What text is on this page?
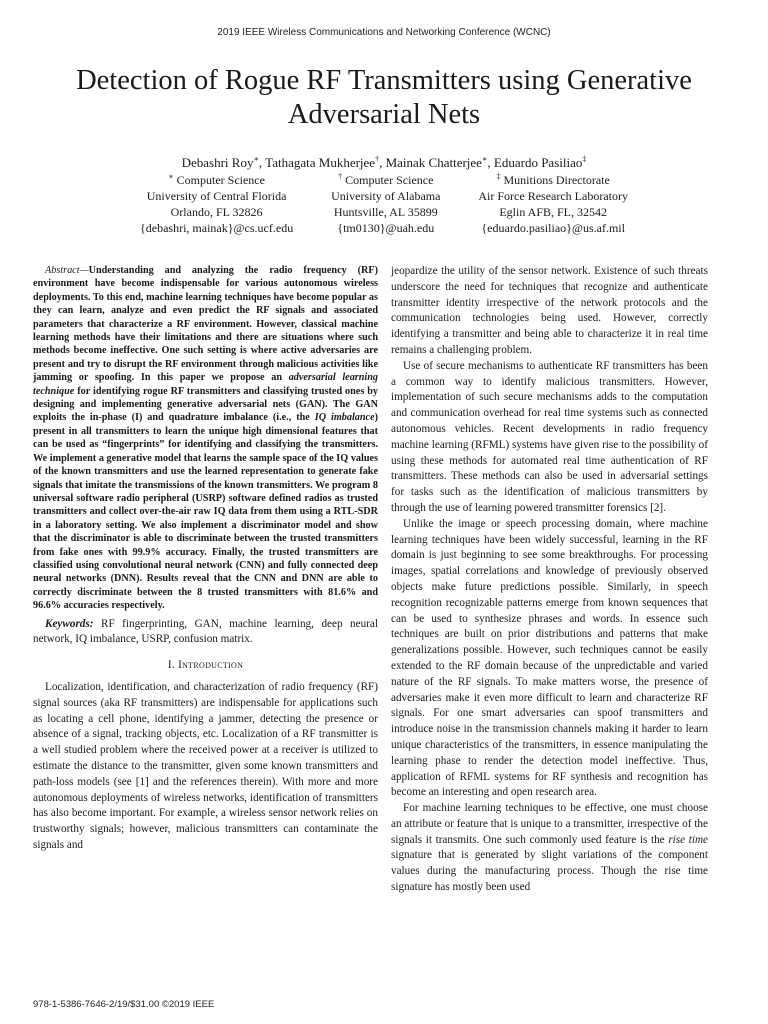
2019 IEEE Wireless Communications and Networking Conference (WCNC)
Detection of Rogue RF Transmitters using Generative Adversarial Nets
Debashri Roy∗, Tathagata Mukherjee†, Mainak Chatterjee∗, Eduardo Pasiliao‡
∗ Computer Science
University of Central Florida
Orlando, FL 32826
{debashri, mainak}@cs.ucf.edu
† Computer Science
University of Alabama
Huntsville, AL 35899
{tm0130}@uah.edu
‡ Munitions Directorate
Air Force Research Laboratory
Eglin AFB, FL, 32542
{eduardo.pasiliao}@us.af.mil

Abstract—Understanding and analyzing the radio frequency (RF) environment have become indispensable for various autonomous wireless deployments. To this end, machine learning techniques have become popular as they can learn, analyze and even predict the RF signals and associated parameters that characterize a RF environment. However, classical machine learning methods have their limitations and there are situations where such methods become ineffective. One such setting is where active adversaries are present and try to disrupt the RF environment through malicious activities like jamming or spoofing. In this paper we propose an adversarial learning technique for identifying rogue RF transmitters and classifying trusted ones by designing and implementing generative adversarial nets (GAN). The GAN exploits the in-phase (I) and quadrature imbalance (i.e., the IQ imbalance) present in all transmitters to learn the unique high dimensional features that can be used as “fingerprints” for identifying and classifying the transmitters. We implement a generative model that learns the sample space of the IQ values of the known transmitters and use the learned representation to generate fake signals that imitate the transmissions of the known transmitters. We program 8 universal software radio peripheral (USRP) software defined radios as trusted transmitters and collect over-the-air raw IQ data from them using a RTL-SDR in a laboratory setting. We also implement a discriminator model and show that the discriminator is able to discriminate between the trusted transmitters from fake ones with 99.9% accuracy. Finally, the trusted transmitters are classified using convolutional neural network (CNN) and fully connected deep neural networks (DNN). Results reveal that the CNN and DNN are able to correctly discriminate between the 8 trusted transmitters with 81.6% and 96.6% accuracies respectively.

Keywords: RF fingerprinting, GAN, machine learning, deep neural network, IQ imbalance, USRP, confusion matrix.

I. Introduction

Localization, identification, and characterization of radio frequency (RF) signal sources (aka RF transmitters) are indispensable for applications such as locating a cell phone, identifying a jammer, detecting the presence or absence of a signal, tracking objects, etc. Localization of a RF transmitter is a well studied problem where the received power at a receiver is utilized to estimate the distance to the transmitter, given some known transmitters and path-loss models (see [1] and the references therein). With more and more autonomous deployments of wireless networks, identification of transmitters has also become important. For example, a wireless sensor network relies on trustworthy signals; however, malicious transmitters can contaminate the signals and

jeopardize the utility of the sensor network. Existence of such threats underscore the need for techniques that recognize and authenticate transmitter identity irrespective of the network protocols and the communication technologies being used. However, correctly identifying a transmitter and being able to characterize it in real time remains a challenging problem.

Use of secure mechanisms to authenticate RF transmitters has been a common way to identify malicious transmitters. However, implementation of such secure mechanisms adds to the computation and communication overhead for real time systems such as connected autonomous vehicles. Recent developments in radio frequency machine learning (RFML) systems have given rise to the possibility of using these methods for automated real time authentication of RF transmitters. These methods can also be used in adversarial settings for tasks such as the identification of malicious transmitters by through the use of learning powered transmitter forensics [2].

Unlike the image or speech processing domain, where machine learning techniques have been widely successful, learning in the RF domain is just beginning to see some breakthroughs. For processing images, spatial correlations and knowledge of previously observed objects make future predictions possible. Similarly, in speech recognition recognizable patterns emerge from known sequences that can be used to synthesize phrases and words. In essence such techniques are built on prior distributions and patterns that make generalizations possible. However, such techniques cannot be easily extended to the RF domain because of the unpredictable and varied nature of the RF signals. To make matters worse, the presence of adversaries make it even more difficult to learn and characterize RF signals. For one smart adversaries can spoof transmitters and introduce noise in the transmission channels making it harder to learn unique characteristics of the transmitters, in essence manipulating the learning phase to render the detection model ineffective. Thus, application of RFML systems for RF synthesis and recognition has become an interesting and open research area.

For machine learning techniques to be effective, one must choose an attribute or feature that is unique to a transmitter, irrespective of the signals it transmits. One such commonly used feature is the rise time signature that is generated by slight variations of the component values during the manufacturing process. Though the rise time signature has mostly been used

978-1-5386-7646-2/19/$31.00 ©2019 IEEE
